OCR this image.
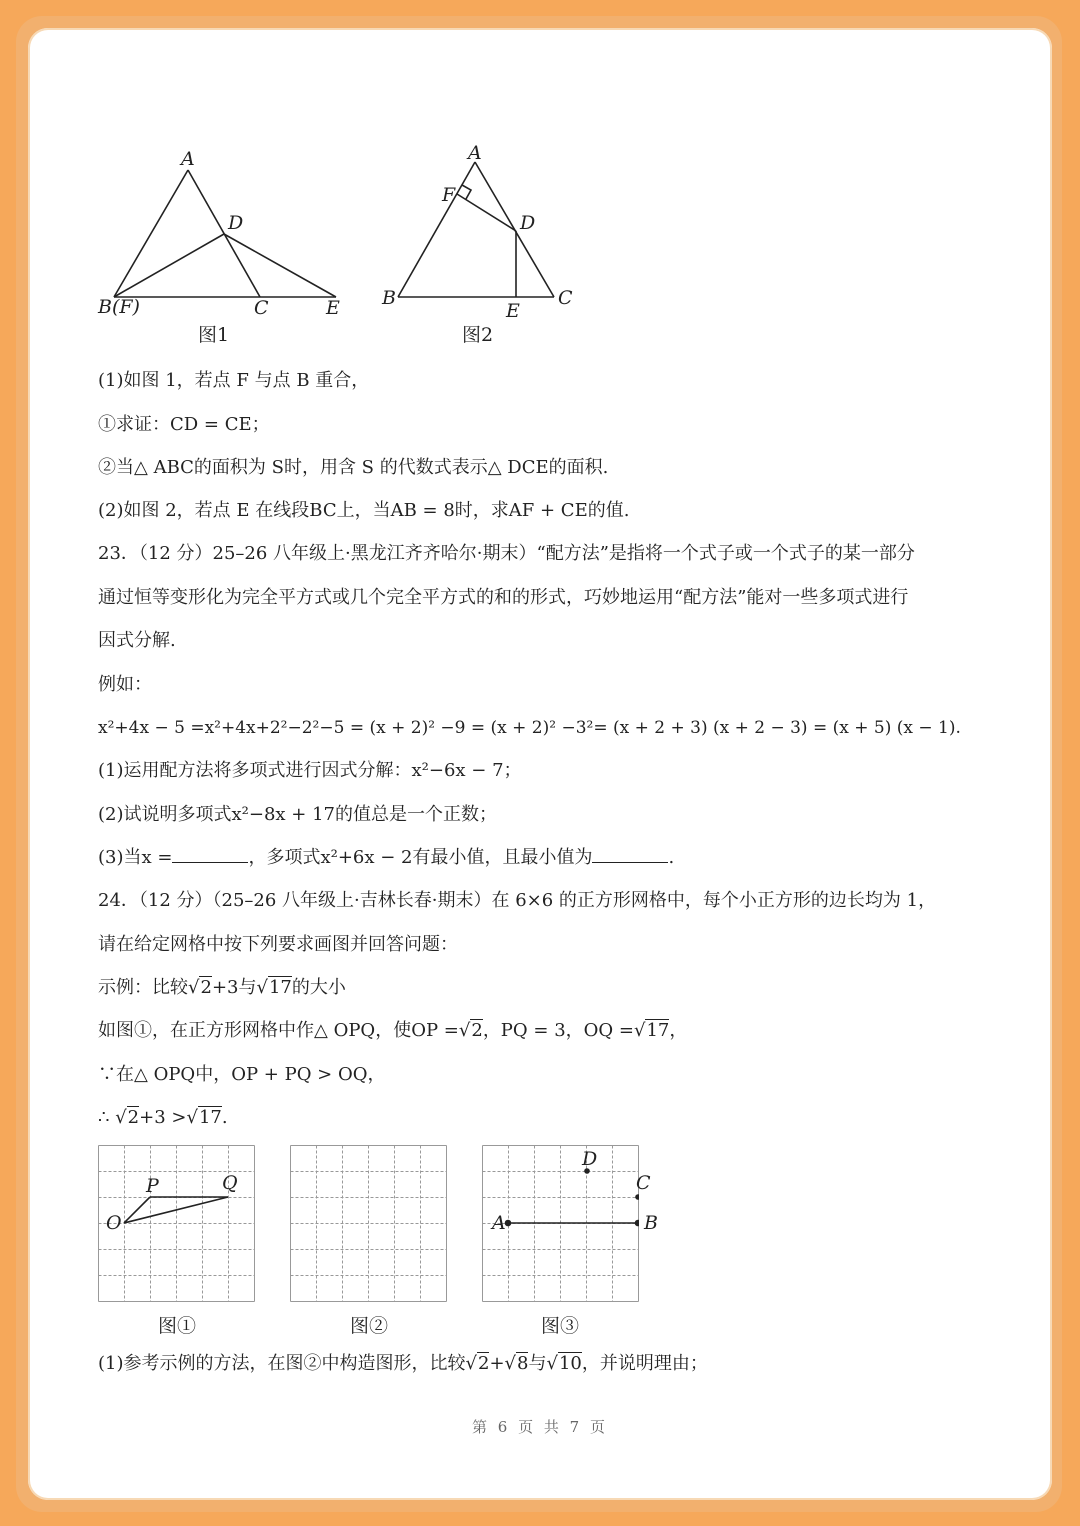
A
D
B(F)	C	E
图1
A
F
D
B
E
C
图2
(1)如图 1，若点 F 与点 B 重合，
①求证：CD = CE；
②当△ ABC的面积为 S时，用含 S 的代数式表示△ DCE的面积.
(2)如图 2，若点 E 在线段BC上，当AB = 8时，求AF + CE的值.
23．（12 分）25–26 八年级上·黑龙江齐齐哈尔·期末）“配方法”是指将一个式子或一个式子的某一部分
通过恒等变形化为完全平方式或几个完全平方式的和的形式，巧妙地运用“配方法”能对一些多项式进行
因式分解.
例如：
x²+4x − 5 =x²+4x+2²−2²−5 = (x + 2)² −9 = (x + 2)² −3²= (x + 2 + 3) (x + 2 − 3) = (x + 5) (x − 1).
(1)运用配方法将多项式进行因式分解：x²−6x − 7；
(2)试说明多项式x²−8x + 17的值总是一个正数；
(3)当x =	，多项式x²+6x − 2有最小值，且最小值为	.
24．（12 分）（25–26 八年级上·吉林长春·期末）在 6×6 的正方形网格中，每个小正方形的边长均为 1，
请在给定网格中按下列要求画图并回答问题：
示例：比较√2+3与√17的大小
如图①，在正方形网格中作△ OPQ，使OP =√2，PQ = 3，OQ =√17，
∵在△ OPQ中，OP + PQ > OQ，
∴ √2+3 >√17.
O
P	Q
图①	图②
A	B
C
D
图③
(1)参考示例的方法，在图②中构造图形，比较√2+√8与√10，并说明理由；
第 6 页 共 7 页
